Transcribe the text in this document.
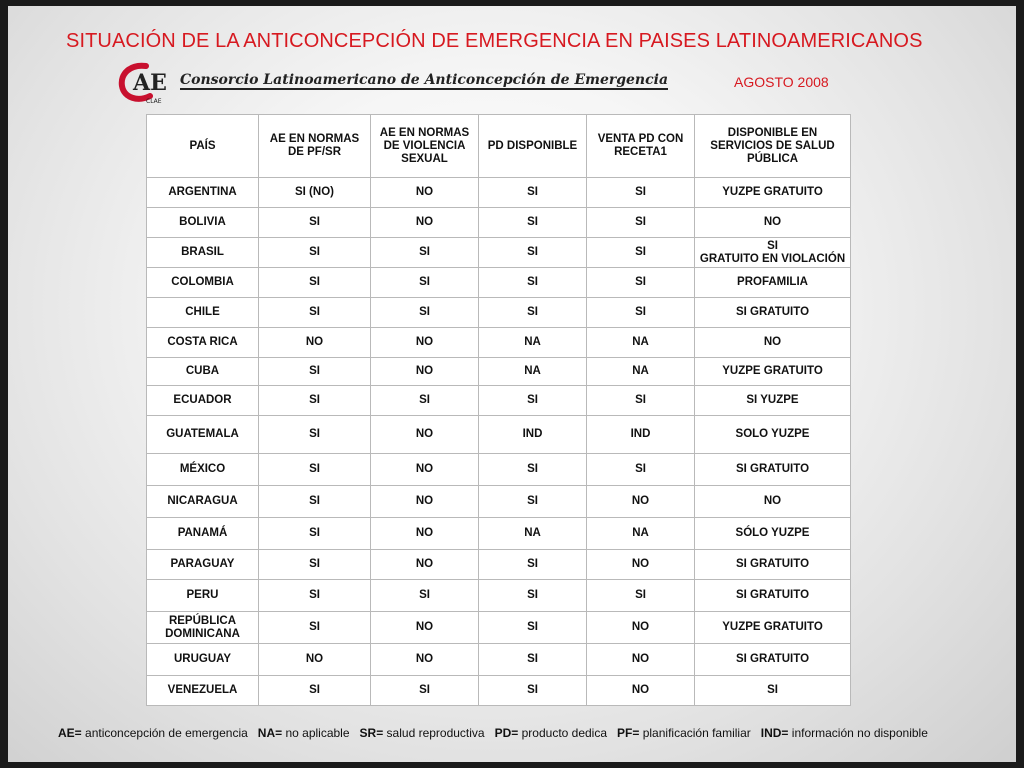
SITUACIÓN DE LA ANTICONCEPCIÓN DE EMERGENCIA EN PAISES LATINOAMERICANOS
AE
CLAE
Consorcio Latinoamericano de Anticoncepción de Emergencia	AGOSTO 2008
PAÍS	AE EN NORMAS DE PF/SR	AE EN NORMAS DE VIOLENCIA SEXUAL	PD DISPONIBLE	VENTA PD CON RECETA1	DISPONIBLE EN SERVICIOS DE SALUD PÚBLICA
ARGENTINA	SI (NO)	NO	SI	SI	YUZPE GRATUITO
BOLIVIA	SI	NO	SI	SI	NO
BRASIL	SI	SI	SI	SI	SI
GRATUITO EN VIOLACIÓN
COLOMBIA	SI	SI	SI	SI	PROFAMILIA
CHILE	SI	SI	SI	SI	SI GRATUITO
COSTA RICA	NO	NO	NA	NA	NO
CUBA	SI	NO	NA	NA	YUZPE GRATUITO
ECUADOR	SI	SI	SI	SI	SI YUZPE
GUATEMALA	SI	NO	IND	IND	SOLO YUZPE
MÉXICO	SI	NO	SI	SI	SI GRATUITO
NICARAGUA	SI	NO	SI	NO	NO
PANAMÁ	SI	NO	NA	NA	SÓLO YUZPE
PARAGUAY	SI	NO	SI	NO	SI GRATUITO
PERU	SI	SI	SI	SI	SI GRATUITO
REPÚBLICA DOMINICANA	SI	NO	SI	NO	YUZPE GRATUITO
URUGUAY	NO	NO	SI	NO	SI GRATUITO
VENEZUELA	SI	SI	SI	NO	SI
AE= anticoncepción de emergencia NA= no aplicable SR= salud reproductiva PD= producto dedica PF= planificación familiar IND= información no disponible
